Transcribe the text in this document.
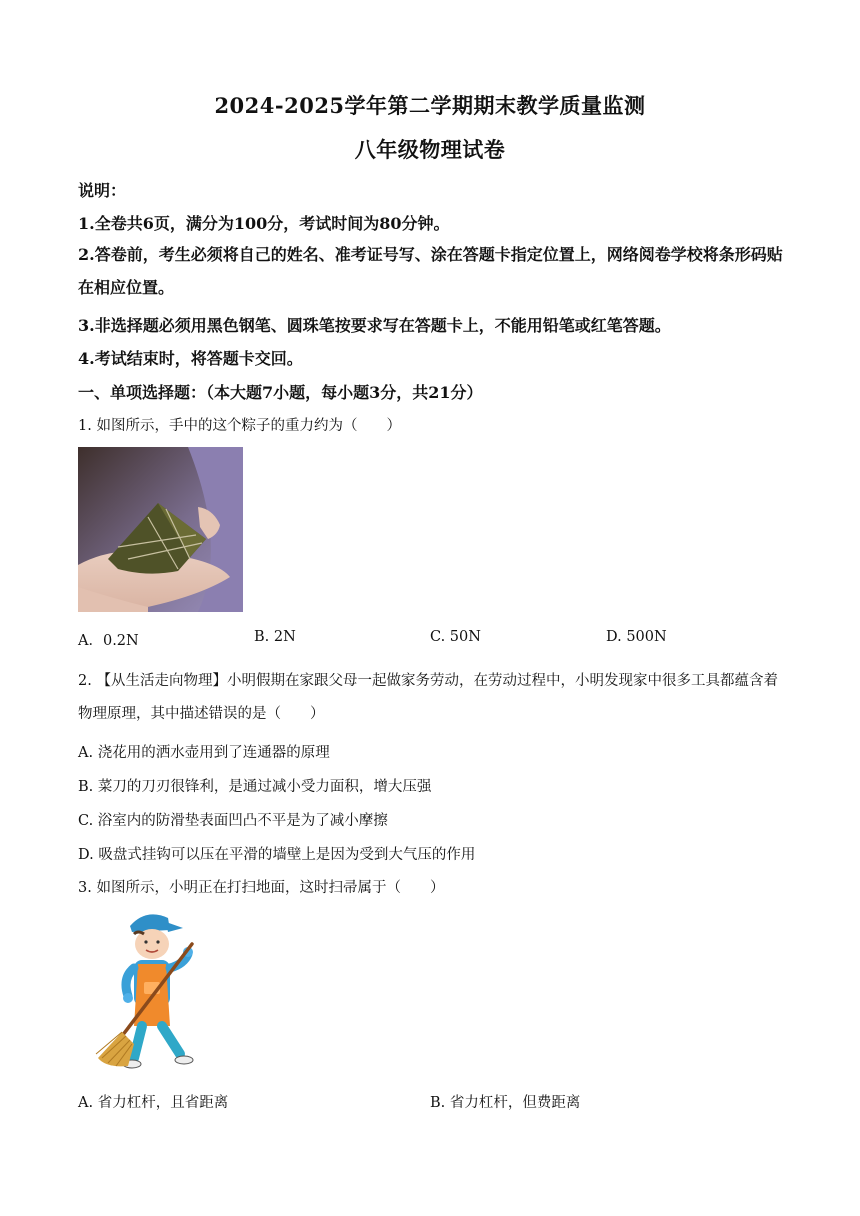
2024-2025学年第二学期期末教学质量监测
八年级物理试卷
说明：
1.全卷共6页，满分为100分，考试时间为80分钟。
2.答卷前，考生必须将自己的姓名、准考证号写、涂在答题卡指定位置上，网络阅卷学校将条形码贴在相应位置。
3.非选择题必须用黑色钢笔、圆珠笔按要求写在答题卡上，不能用铅笔或红笔答题。
4.考试结束时，将答题卡交回。
一、单项选择题：（本大题7小题，每小题3分，共21分）
1. 如图所示，手中的这个粽子的重力约为（　　）
A．0.2N	B. 2N	C. 50N	D. 500N
2. 【从生活走向物理】小明假期在家跟父母一起做家务劳动，在劳动过程中，小明发现家中很多工具都蕴含着物理原理，其中描述错误的是（　　）
A. 浇花用的洒水壶用到了连通器的原理
B. 菜刀的刀刃很锋利，是通过减小受力面积，增大压强
C. 浴室内的防滑垫表面凹凸不平是为了减小摩擦
D. 吸盘式挂钩可以压在平滑的墙壁上是因为受到大气压的作用
3. 如图所示，小明正在打扫地面，这时扫帚属于（　　）
A. 省力杠杆，且省距离	B. 省力杠杆，但费距离
